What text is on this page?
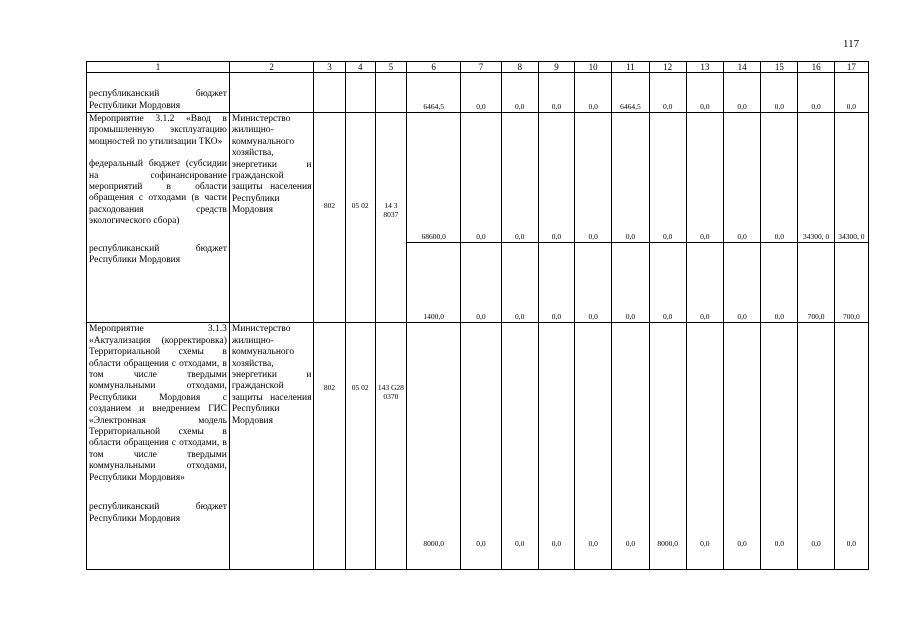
117
1	2	3	4	5	6	7	8	9	10	11	12	13	14	15	16	17

республиканский бюджет

Республики Мордовия					6464,5	0,0	0,0	0,0	0,0	6464,5	0,0	0,0	0,0	0,0	0,0	0,0

Мероприятие 3.1.2 «Ввод в промышленную эксплуатацию мощностей по утилизации ТКО»

федеральный бюджет (субсидии на софинансирование мероприятий в области обращения с отходами (в части расходования средств экологического сбора)

республиканский бюджет

Республики Мордовия	Министерство жилищно-коммунального хозяйства, энергетики и гражданской защиты населения Республики Мордовия	802	05 02	14 3 8037	68600,0	0,0	0,0	0,0	0,0	0,0	0,0	0,0	0,0	0,0	34300, 0	34300, 0
					1400,0	0,0	0,0	0,0	0,0	0,0	0,0	0,0	0,0	0,0	700,0	700,0

Мероприятие 3.1.3 «Актуализация (корректировка) Территориальной схемы в области обращения с отходами, в том числе твердыми коммунальными отходами, Республики Мордовия с созданием и внедрением ГИС «Электронная модель Территориальной схемы в области обращения с отходами, в том числе твердыми коммунальными отходами, Республики Мордовия»

республиканский бюджет

Республики Мордовия	Министерство жилищно-коммунального хозяйства, энергетики и гражданской защиты населения Республики Мордовия	802	05 02	143 G28 0370	8000,0	0,0	0,0	0,0	0,0	0,0	8000,0	0,0	0,0	0,0	0,0	0,0
